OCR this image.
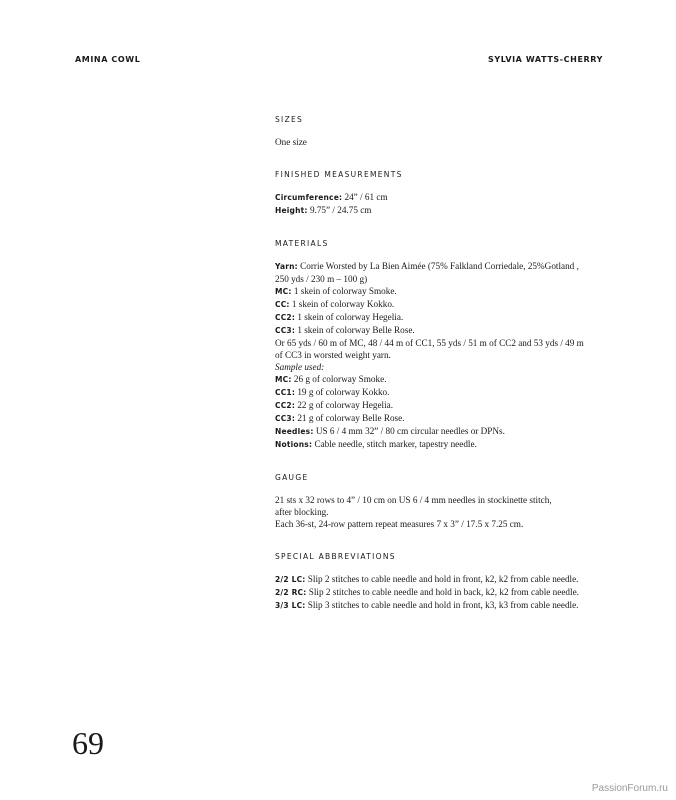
AMINA COWL	SYLVIA WATTS-CHERRY
SIZES
One size
FINISHED MEASUREMENTS
Circumference: 24” / 61 cm
Height: 9.75” / 24.75 cm
MATERIALS
Yarn: Corrie Worsted by La Bien Aimée (75% Falkland Corriedale, 25%Gotland ,
250 yds / 230 m – 100 g)
MC: 1 skein of colorway Smoke.
CC: 1 skein of colorway Kokko.
CC2: 1 skein of colorway Hegelia.
CC3: 1 skein of colorway Belle Rose.
Or 65 yds / 60 m of MC, 48 / 44 m of CC1, 55 yds / 51 m of CC2 and 53 yds / 49 m
of CC3 in worsted weight yarn.
Sample used:
MC: 26 g of colorway Smoke.
CC1: 19 g of colorway Kokko.
CC2: 22 g of colorway Hegelia.
CC3: 21 g of colorway Belle Rose.
Needles: US 6 / 4 mm 32” / 80 cm circular needles or DPNs.
Notions: Cable needle, stitch marker, tapestry needle.
GAUGE
21 sts x 32 rows to 4” / 10 cm on US 6 / 4 mm needles in stockinette stitch,
after blocking.
Each 36-st, 24-row pattern repeat measures 7 x 3” / 17.5 x 7.25 cm.
SPECIAL ABBREVIATIONS
2/2 LC: Slip 2 stitches to cable needle and hold in front, k2, k2 from cable needle.
2/2 RC: Slip 2 stitches to cable needle and hold in back, k2, k2 from cable needle.
3/3 LC: Slip 3 stitches to cable needle and hold in front, k3, k3 from cable needle.
69
PassionForum.ru
